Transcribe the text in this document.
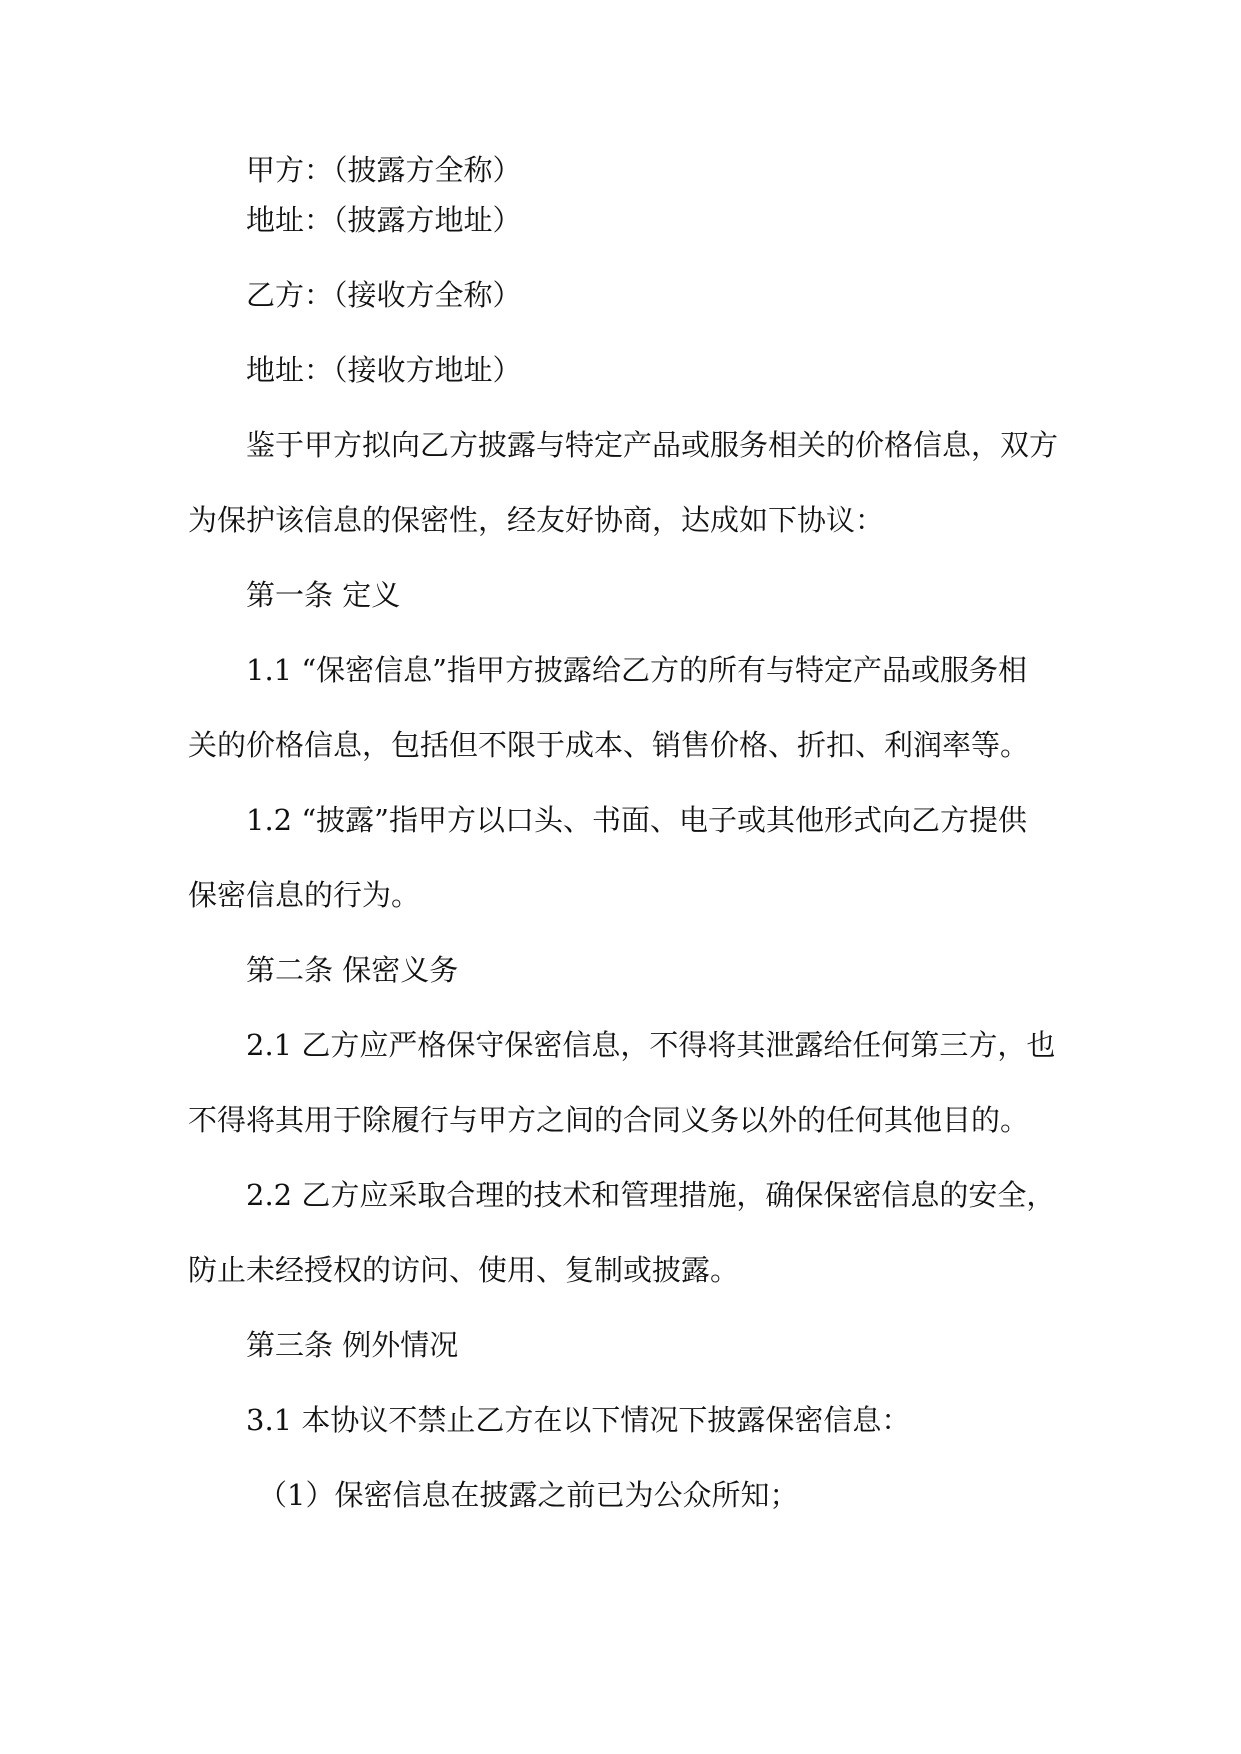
甲方：（披露方全称）

地址：（披露方地址）

乙方：（接收方全称）

地址：（接收方地址）

鉴于甲方拟向乙方披露与特定产品或服务相关的价格信息，双方

为保护该信息的保密性，经友好协商，达成如下协议：

第一条 定义

1.1 “保密信息”指甲方披露给乙方的所有与特定产品或服务相

关的价格信息，包括但不限于成本、销售价格、折扣、利润率等。

1.2 “披露”指甲方以口头、书面、电子或其他形式向乙方提供

保密信息的行为。

第二条 保密义务

2.1 乙方应严格保守保密信息，不得将其泄露给任何第三方，也

不得将其用于除履行与甲方之间的合同义务以外的任何其他目的。

2.2 乙方应采取合理的技术和管理措施，确保保密信息的安全，

防止未经授权的访问、使用、复制或披露。

第三条 例外情况

3.1 本协议不禁止乙方在以下情况下披露保密信息：

（1）保密信息在披露之前已为公众所知；
